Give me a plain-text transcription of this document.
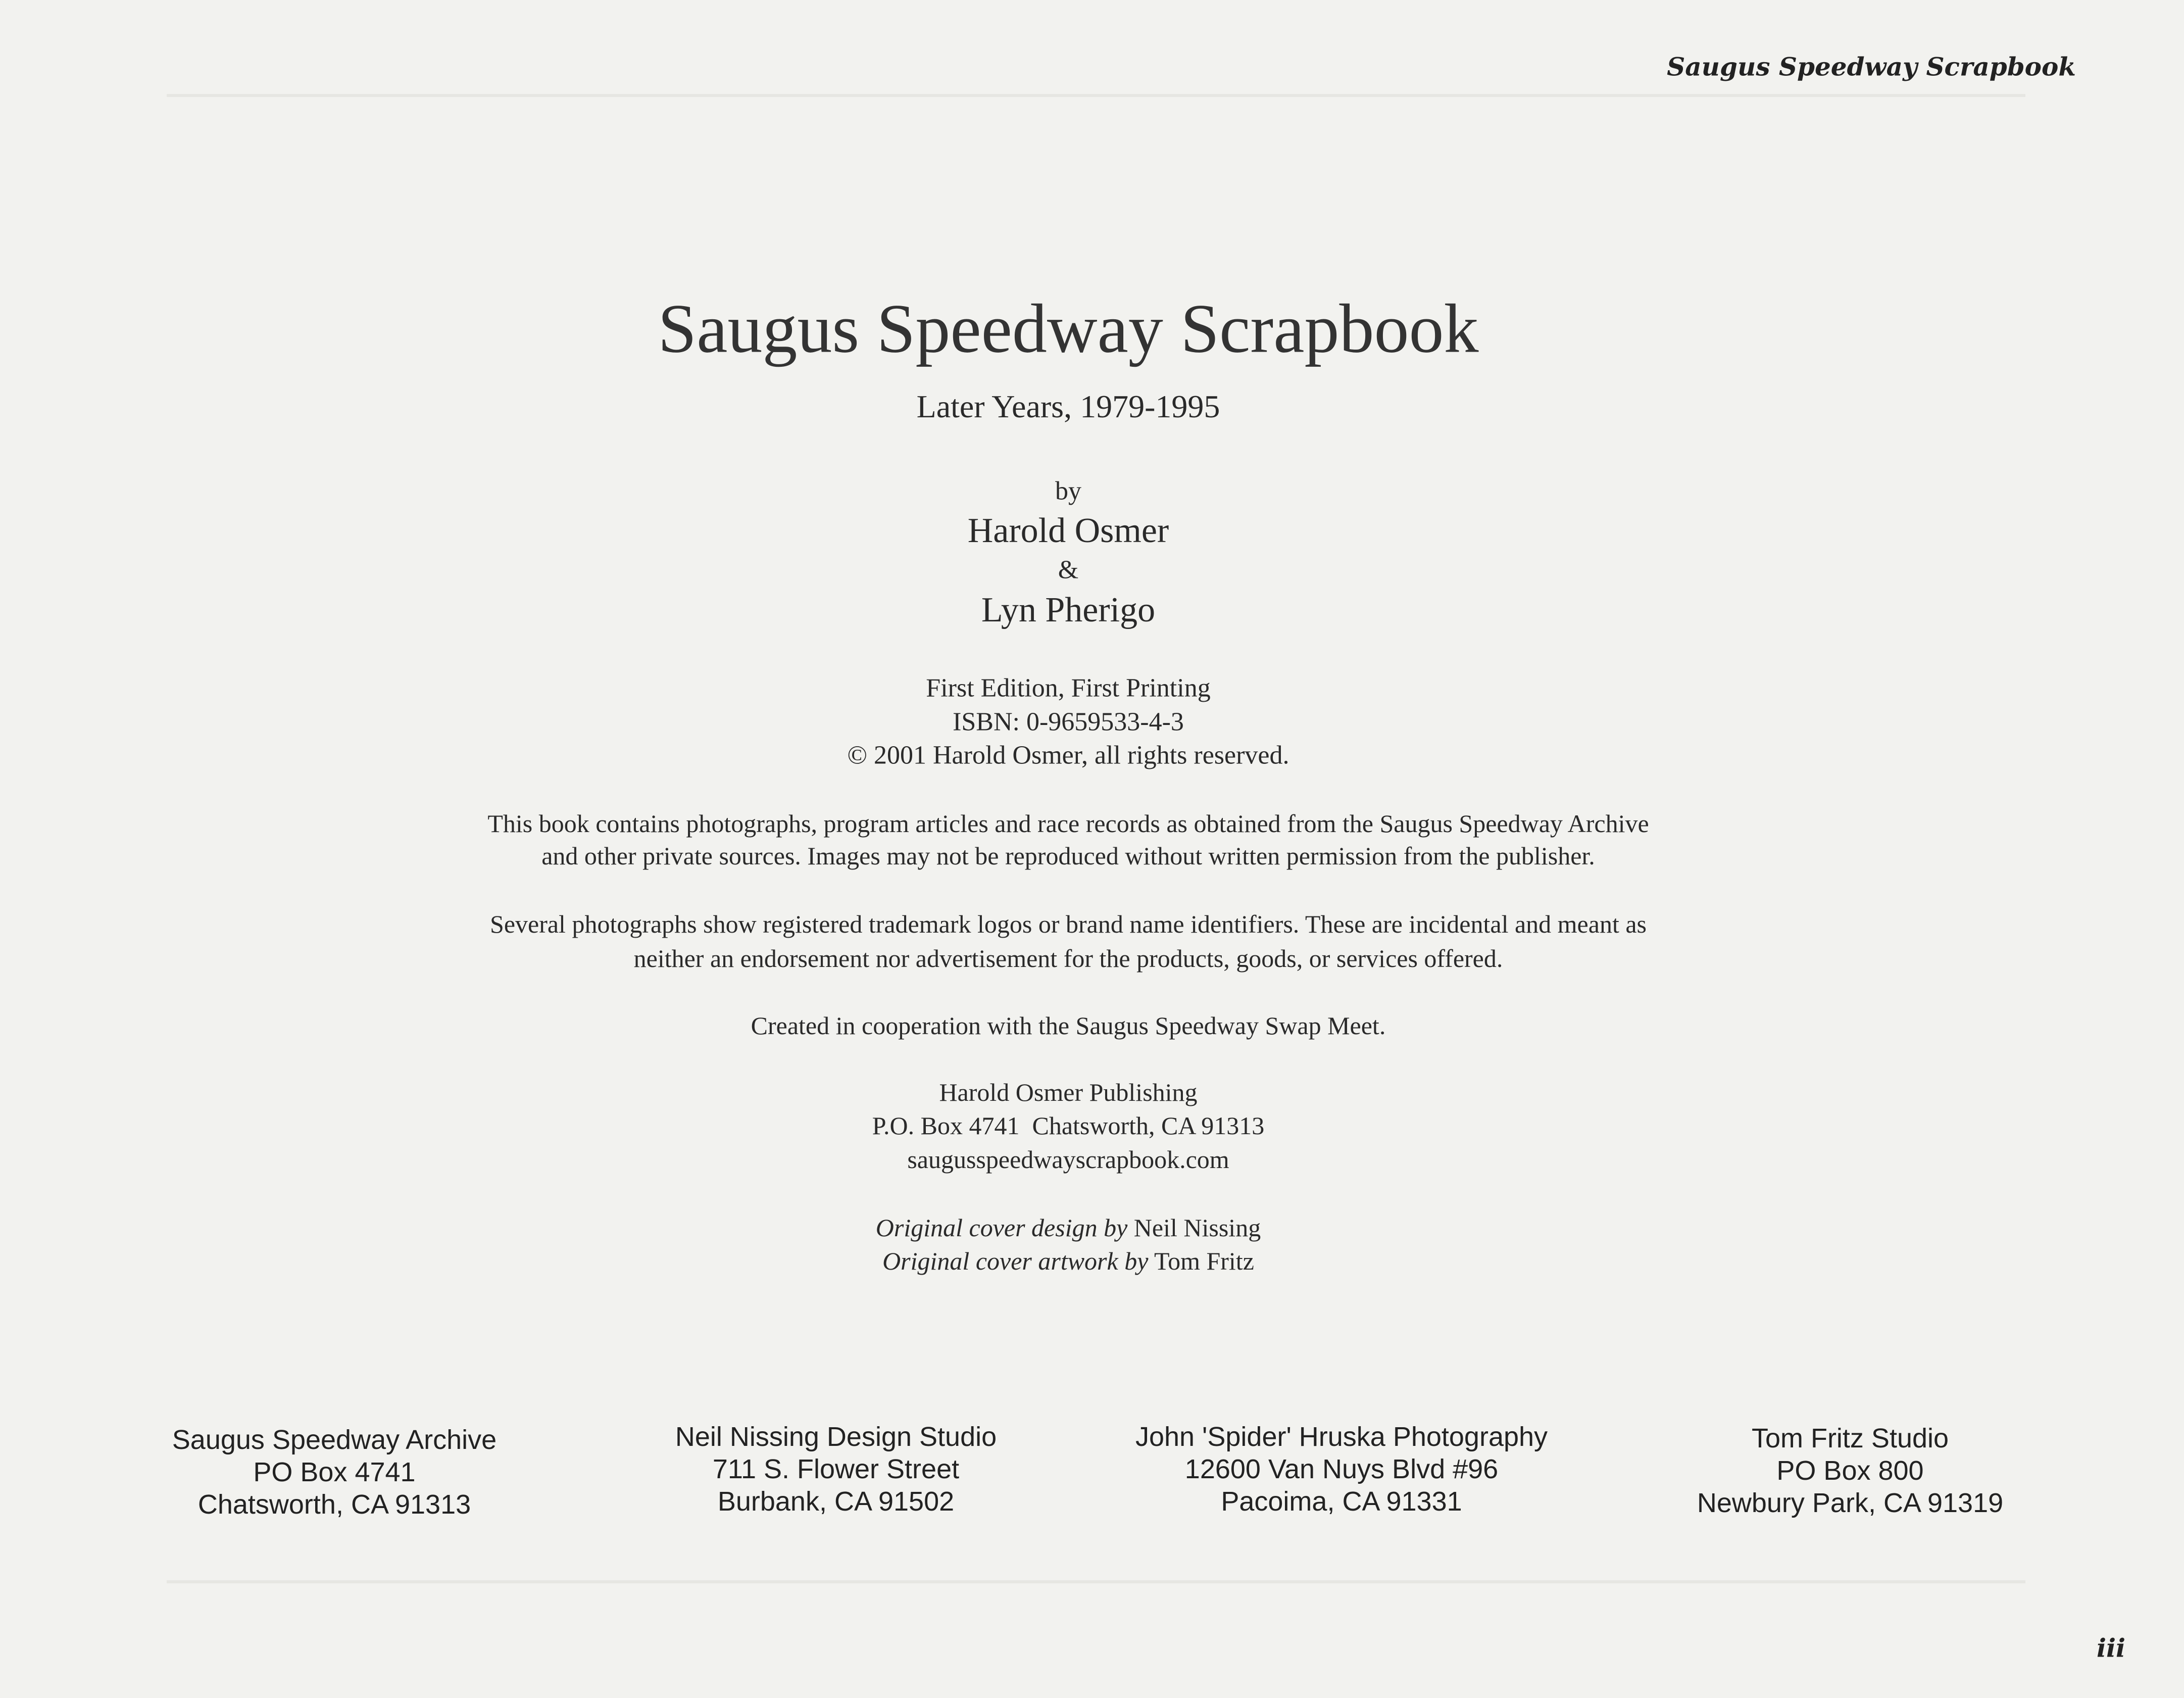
Saugus Speedway Scrapbook
Saugus Speedway Scrapbook
Later Years, 1979-1995
by
Harold Osmer
&
Lyn Pherigo
First Edition, First Printing
ISBN: 0-9659533-4-3
© 2001 Harold Osmer, all rights reserved.
This book contains photographs, program articles and race records as obtained from the Saugus Speedway Archive
and other private sources. Images may not be reproduced without written permission from the publisher.
Several photographs show registered trademark logos or brand name identifiers. These are incidental and meant as
neither an endorsement nor advertisement for the products, goods, or services offered.
Created in cooperation with the Saugus Speedway Swap Meet.
Harold Osmer Publishing
P.O. Box 4741  Chatsworth, CA 91313
saugusspeedwayscrapbook.com
Original cover design by Neil Nissing
Original cover artwork by Tom Fritz
Saugus Speedway Archive
PO Box 4741
Chatsworth, CA 91313
Neil Nissing Design Studio
711 S. Flower Street
Burbank, CA 91502
John 'Spider' Hruska Photography
12600 Van Nuys Blvd #96
Pacoima, CA 91331
Tom Fritz Studio
PO Box 800
Newbury Park, CA 91319
iii
